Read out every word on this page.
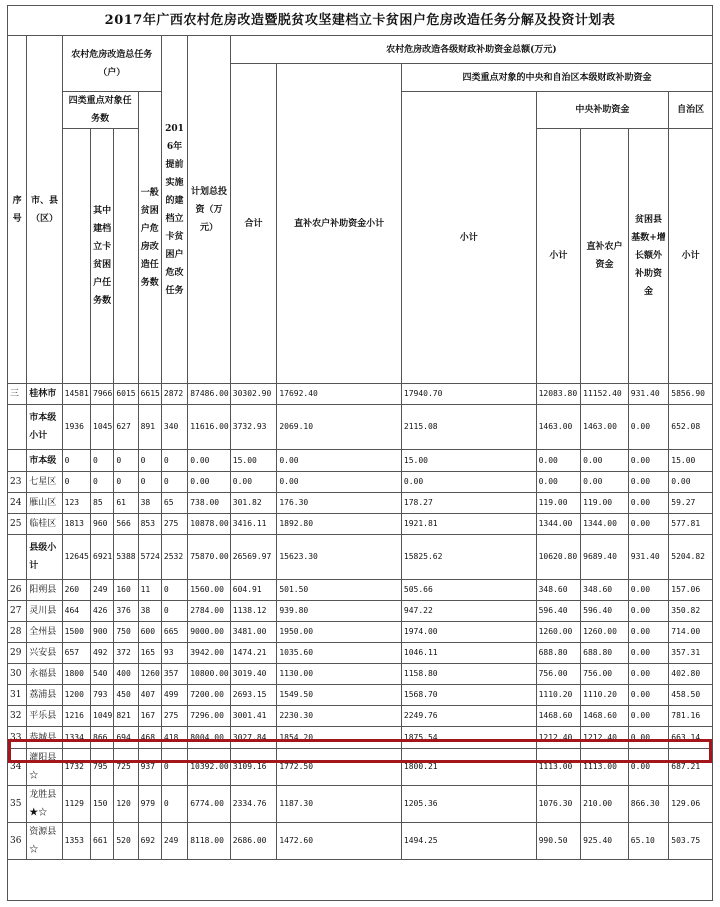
2017年广西农村危房改造暨脱贫攻坚建档立卡贫困户危房改造任务分解及投资计划表														
序号	市、县（区）	农村危房改造总任务（户）				2016年提前实施的建档立卡贫困户危改任务	计划总投资（万元）	农村危房改造各级财政补助资金总额(万元)						
								合计	直补农户补助资金小计	四类重点对象的中央和自治区本级财政补助资金				
		四类重点对象任务数			一般贫困户危房改造任务数					小计	中央补助资金			自治区
			其中建档立卡贫困户任务数								小计	直补农户资金	贫困县基数+增长额外补助资金	小计
三	桂林市	14581	7966	6015	6615	2872	87486.00	30302.90	17692.40	17940.70	12083.80	11152.40	931.40	5856.90
	市本级小计	1936	1045	627	891	340	11616.00	3732.93	2069.10	2115.08	1463.00	1463.00	0.00	652.08
	市本级	0	0	0	0	0	0.00	15.00	0.00	15.00	0.00	0.00	0.00	15.00
23	七星区	0	0	0	0	0	0.00	0.00	0.00	0.00	0.00	0.00	0.00	0.00
24	雁山区	123	85	61	38	65	738.00	301.82	176.30	178.27	119.00	119.00	0.00	59.27
25	临桂区	1813	960	566	853	275	10878.00	3416.11	1892.80	1921.81	1344.00	1344.00	0.00	577.81
	县级小计	12645	6921	5388	5724	2532	75870.00	26569.97	15623.30	15825.62	10620.80	9689.40	931.40	5204.82
26	阳朔县	260	249	160	11	0	1560.00	604.91	501.50	505.66	348.60	348.60	0.00	157.06
27	灵川县	464	426	376	38	0	2784.00	1138.12	939.80	947.22	596.40	596.40	0.00	350.82
28	全州县	1500	900	750	600	665	9000.00	3481.00	1950.00	1974.00	1260.00	1260.00	0.00	714.00
29	兴安县	657	492	372	165	93	3942.00	1474.21	1035.60	1046.11	688.80	688.80	0.00	357.31
30	永福县	1800	540	400	1260	357	10800.00	3019.40	1130.00	1158.80	756.00	756.00	0.00	402.80
31	荔浦县	1200	793	450	407	499	7200.00	2693.15	1549.50	1568.70	1110.20	1110.20	0.00	458.50
32	平乐县	1216	1049	821	167	275	7296.00	3001.41	2230.30	2249.76	1468.60	1468.60	0.00	781.16
33	恭城县	1334	866	694	468	418	8004.00	3027.84	1854.20	1875.54	1212.40	1212.40	0.00	663.14
34	灌阳县☆	1732	795	725	937	0	10392.00	3109.16	1772.50	1800.21	1113.00	1113.00	0.00	687.21
35	龙胜县★☆	1129	150	120	979	0	6774.00	2334.76	1187.30	1205.36	1076.30	210.00	866.30	129.06
36	资源县☆	1353	661	520	692	249	8118.00	2686.00	1472.60	1494.25	990.50	925.40	65.10	503.75
